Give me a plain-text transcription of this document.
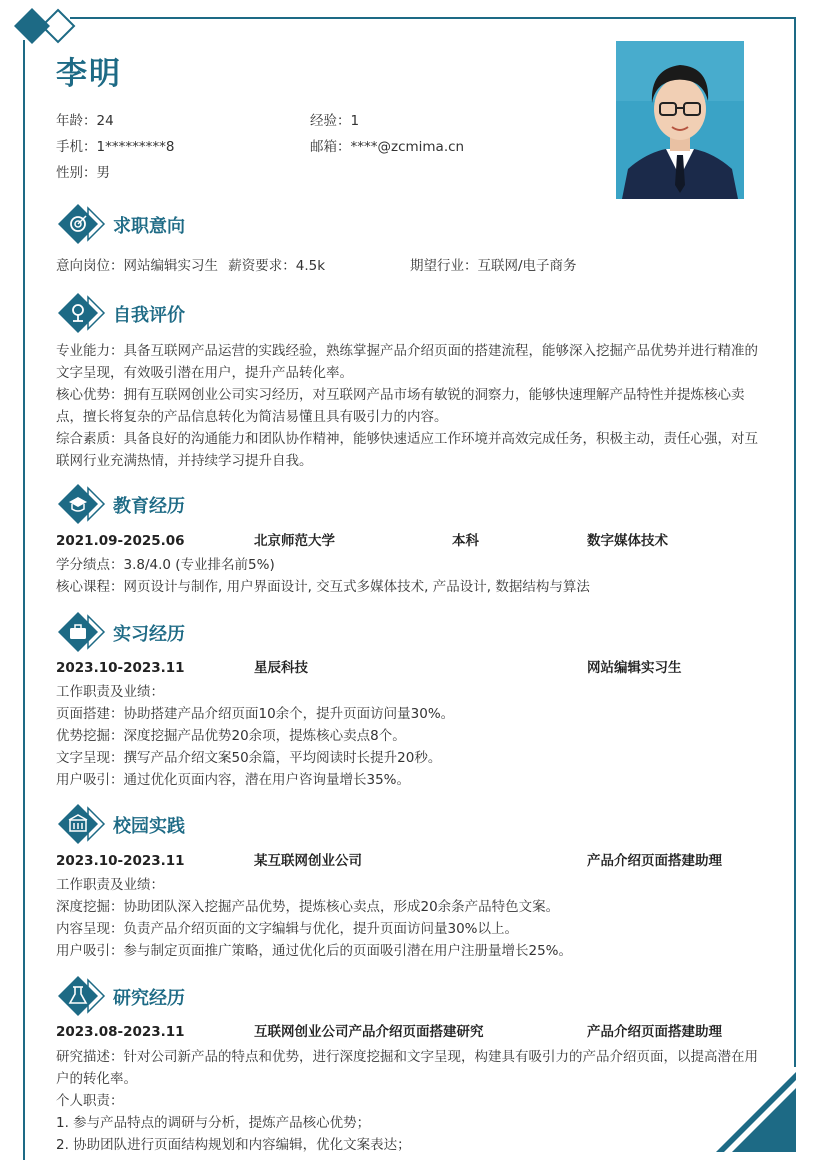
李明
年龄：24	经验：1
手机：1*********8	邮箱：****@zcmima.cn
性别：男
求职意向
意向岗位：网站编辑实习生 薪资要求：4.5k	期望行业：互联网/电子商务
自我评价
专业能力：具备互联网产品运营的实践经验，熟练掌握产品介绍页面的搭建流程，能够深入挖掘产品优势并进行精准的文字呈现，有效吸引潜在用户，提升产品转化率。
核心优势：拥有互联网创业公司实习经历，对互联网产品市场有敏锐的洞察力，能够快速理解产品特性并提炼核心卖点，擅长将复杂的产品信息转化为简洁易懂且具有吸引力的内容。
综合素质：具备良好的沟通能力和团队协作精神，能够快速适应工作环境并高效完成任务，积极主动，责任心强，对互联网行业充满热情，并持续学习提升自我。
教育经历
2021.09-2025.06	北京师范大学	本科	数字媒体技术
学分绩点：3.8/4.0 (专业排名前5%)
核心课程：网页设计与制作, 用户界面设计, 交互式多媒体技术, 产品设计, 数据结构与算法
实习经历
2023.10-2023.11	星辰科技	网站编辑实习生
工作职责及业绩：
页面搭建：协助搭建产品介绍页面10余个，提升页面访问量30%。
优势挖掘：深度挖掘产品优势20余项，提炼核心卖点8个。
文字呈现：撰写产品介绍文案50余篇，平均阅读时长提升20秒。
用户吸引：通过优化页面内容，潜在用户咨询量增长35%。
校园实践
2023.10-2023.11	某互联网创业公司	产品介绍页面搭建助理
工作职责及业绩：
深度挖掘：协助团队深入挖掘产品优势，提炼核心卖点，形成20余条产品特色文案。
内容呈现：负责产品介绍页面的文字编辑与优化，提升页面访问量30%以上。
用户吸引：参与制定页面推广策略，通过优化后的页面吸引潜在用户注册量增长25%。
研究经历
2023.08-2023.11	互联网创业公司产品介绍页面搭建研究	产品介绍页面搭建助理
研究描述：针对公司新产品的特点和优势，进行深度挖掘和文字呈现，构建具有吸引力的产品介绍页面，以提高潜在用户的转化率。
个人职责：
1. 参与产品特点的调研与分析，提炼产品核心优势；
2. 协助团队进行页面结构规划和内容编辑，优化文案表达；
